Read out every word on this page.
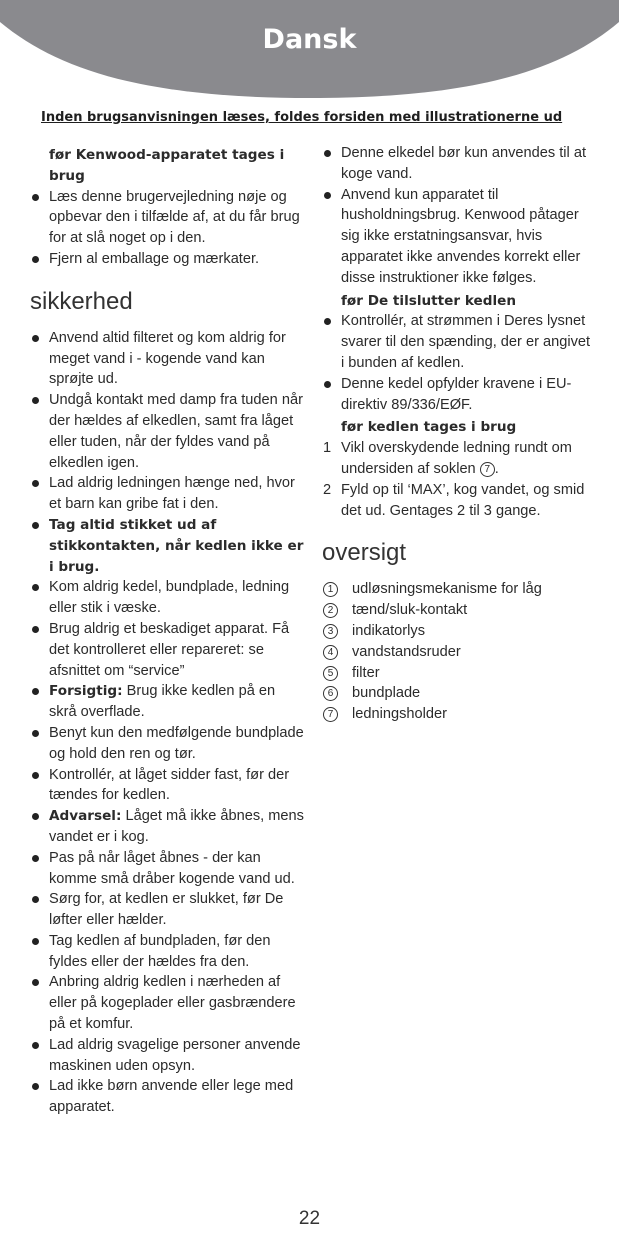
Dansk
Inden brugsanvisningen læses, foldes forsiden med illustrationerne ud
før Kenwood-apparatet tages i brug
Læs denne brugervejledning nøje og opbevar den i tilfælde af, at du får brug for at slå noget op i den.
Fjern al emballage og mærkater.
sikkerhed
Anvend altid filteret og kom aldrig for meget vand i - kogende vand kan sprøjte ud.
Undgå kontakt med damp fra tuden når der hældes af elkedlen, samt fra låget eller tuden, når der fyldes vand på elkedlen igen.
Lad aldrig ledningen hænge ned, hvor et barn kan gribe fat i den.
Tag altid stikket ud af stikkontakten, når kedlen ikke er i brug.
Kom aldrig kedel, bundplade, ledning eller stik i væske.
Brug aldrig et beskadiget apparat. Få det kontrolleret eller repareret: se afsnittet om “service”
Forsigtig: Brug ikke kedlen på en skrå overflade.
Benyt kun den medfølgende bundplade og hold den ren og tør.
Kontrollér, at låget sidder fast, før der tændes for kedlen.
Advarsel: Låget må ikke åbnes, mens vandet er i kog.
Pas på når låget åbnes - der kan komme små dråber kogende vand ud.
Sørg for, at kedlen er slukket, før De løfter eller hælder.
Tag kedlen af bundpladen, før den fyldes eller der hældes fra den.
Anbring aldrig kedlen i nærheden af eller på kogeplader eller gasbrændere på et komfur.
Lad aldrig svagelige personer anvende maskinen uden opsyn.
Lad ikke børn anvende eller lege med apparatet.
Denne elkedel bør kun anvendes til at koge vand.
Anvend kun apparatet til husholdningsbrug. Kenwood påtager sig ikke erstatningsansvar, hvis apparatet ikke anvendes korrekt eller disse instruktioner ikke følges.
før De tilslutter kedlen
Kontrollér, at strømmen i Deres lysnet svarer til den spænding, der er angivet i bunden af kedlen.
Denne kedel opfylder kravene i EU-direktiv 89/336/EØF.
før kedlen tages i brug
1 Vikl overskydende ledning rundt om undersiden af soklen 7 .
2 Fyld op til ‘MAX’, kog vandet, og smid det ud. Gentages 2 til 3 gange.
oversigt
1	udløsningsmekanisme for låg
2	tænd/sluk-kontakt
3	indikatorlys
4	vandstandsruder
5	filter
6	bundplade
7	ledningsholder
22
